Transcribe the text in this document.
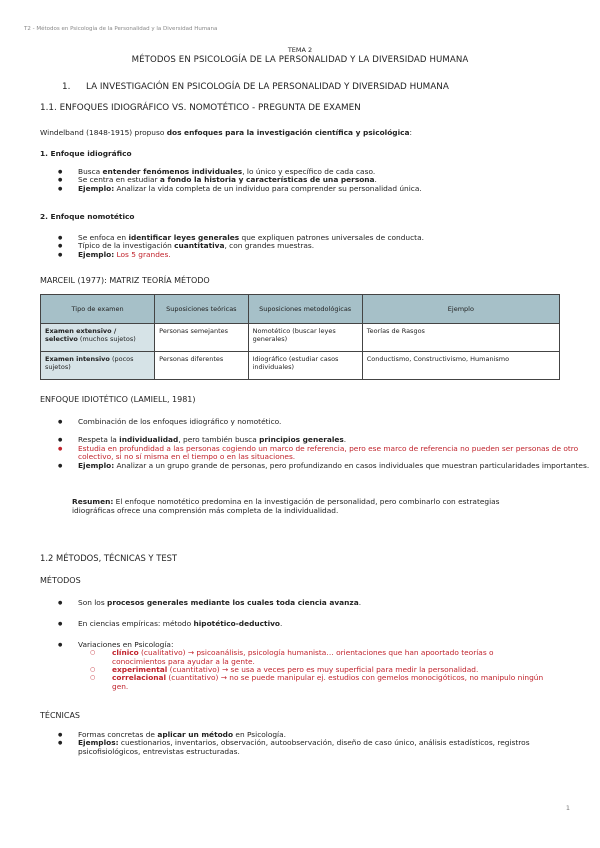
T2 - Métodos en Psicología de la Personalidad y la Diversidad Humana
TEMA 2
MÉTODOS EN PSICOLOGÍA DE LA PERSONALIDAD Y LA DIVERSIDAD HUMANA
1. LA INVESTIGACIÓN EN PSICOLOGÍA DE LA PERSONALIDAD Y DIVERSIDAD HUMANA
1.1. ENFOQUES IDIOGRÁFICO VS. NOMOTÉTICO - PREGUNTA DE EXAMEN
Windelband (1848-1915) propuso dos enfoques para la investigación científica y psicológica:
1. Enfoque idiográfico
● Busca entender fenómenos individuales, lo único y específico de cada caso.
● Se centra en estudiar a fondo la historia y características de una persona.
● Ejemplo: Analizar la vida completa de un individuo para comprender su personalidad única.
2. Enfoque nomotético
● Se enfoca en identificar leyes generales que expliquen patrones universales de conducta.
● Típico de la investigación cuantitativa, con grandes muestras.
● Ejemplo: Los 5 grandes.
MARCEIL (1977): MATRIZ TEORÍA MÉTODO
Tipo de examen	Suposiciones teóricas	Suposiciones metodológicas	Ejemplo
Examen extensivo / selectivo (muchos sujetos)	Personas semejantes	Nomotético (buscar leyes generales)	Teorías de Rasgos
Examen intensivo (pocos sujetos)	Personas diferentes	Idiográfico (estudiar casos individuales)	Conductismo, Constructivismo, Humanismo
ENFOQUE IDIOTÉTICO (LAMIELL, 1981)
● Combinación de los enfoques idiográfico y nomotético.
● Respeta la individualidad, pero también busca principios generales.
● Estudia en profundidad a las personas cogiendo un marco de referencia, pero ese marco de referencia no pueden ser personas de otro colectivo, si no sí misma en el tiempo o en las situaciones.
● Ejemplo: Analizar a un grupo grande de personas, pero profundizando en casos individuales que muestran particularidades importantes.
Resumen: El enfoque nomotético predomina en la investigación de personalidad, pero combinarlo con estrategias idiográficas ofrece una comprensión más completa de la individualidad.
1.2 MÉTODOS, TÉCNICAS Y TEST
MÉTODOS
● Son los procesos generales mediante los cuales toda ciencia avanza.
● En ciencias empíricas: método hipotético-deductivo.
● Variaciones en Psicología:
○ clínico (cualitativo) → psicoanálisis, psicología humanista… orientaciones que han apoortado teorías o conocimientos para ayudar a la gente.
○ experimental (cuantitativo) → se usa a veces pero es muy superficial para medir la personalidad.
○ correlacional (cuantitativo) → no se puede manipular ej. estudios con gemelos monocigóticos, no manipulo ningún gen.
TÉCNICAS
● Formas concretas de aplicar un método en Psicología.
● Ejemplos: cuestionarios, inventarios, observación, autoobservación, diseño de caso único, análisis estadísticos, registros psicofisiológicos, entrevistas estructuradas.
1
